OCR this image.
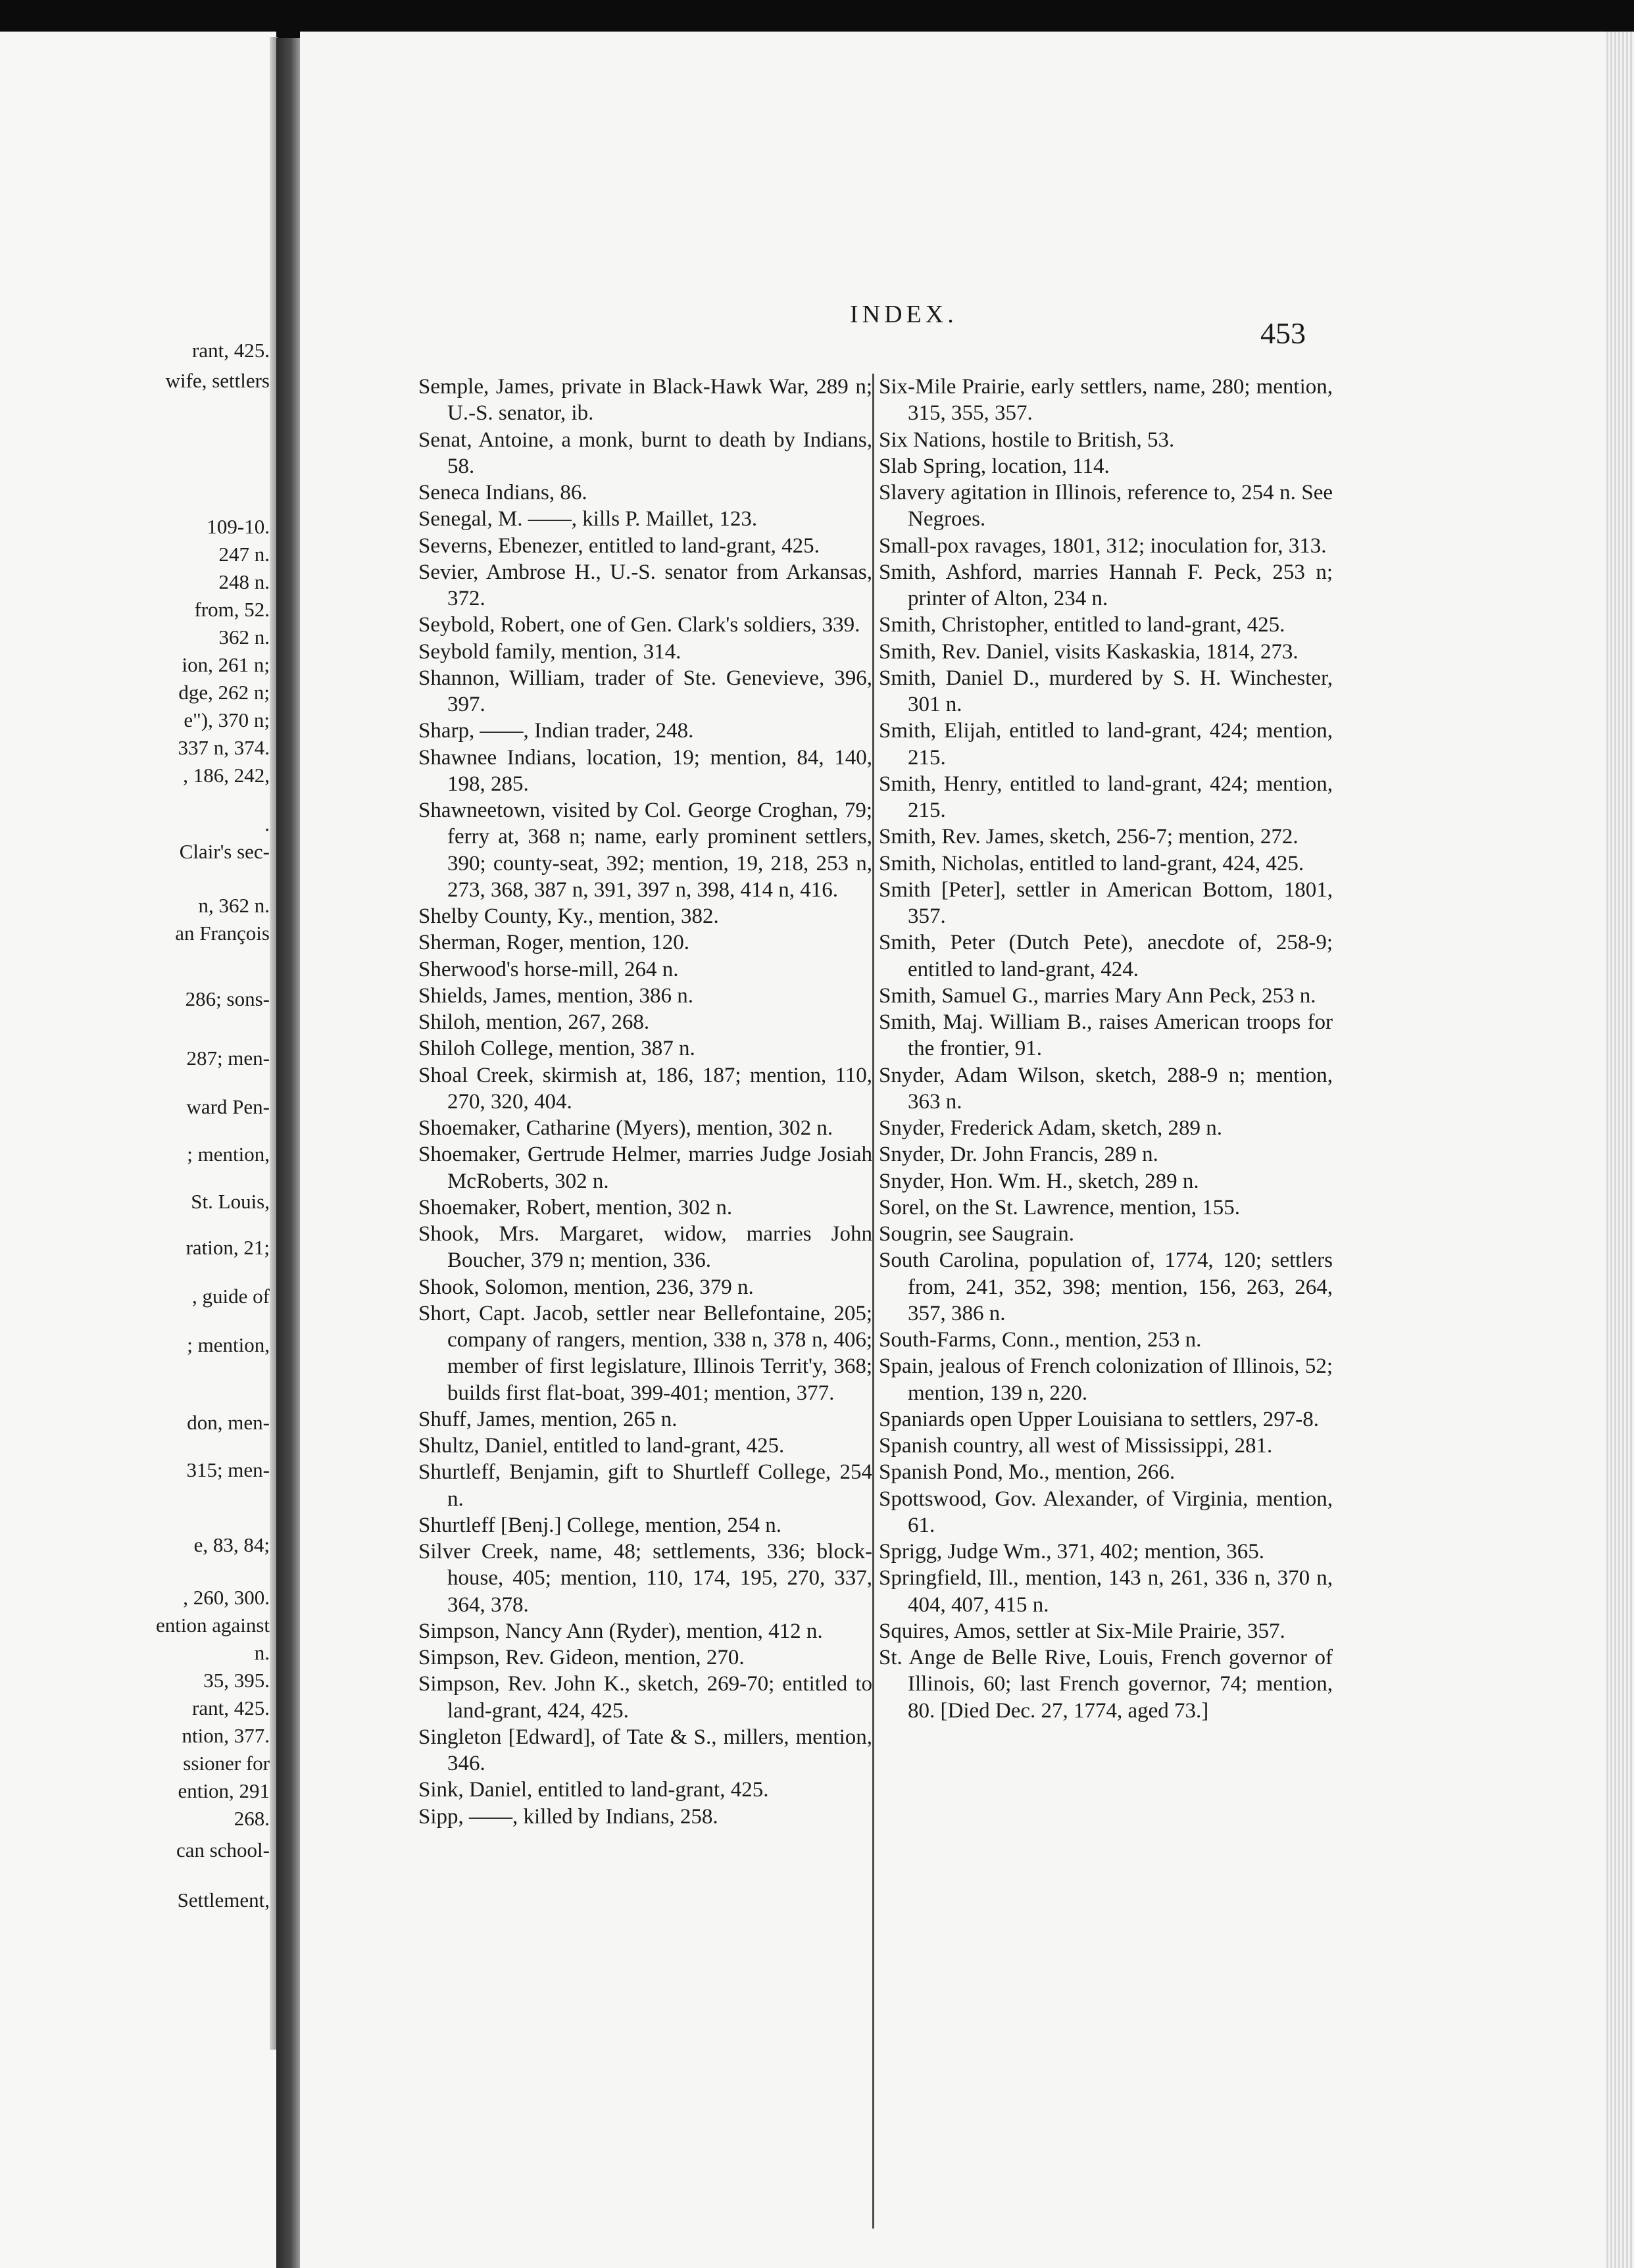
rant, 425.

wife, settlers

109-10.

247 n.

248 n.

from, 52.

362 n.

ion, 261 n;

dge, 262 n;

e"), 370 n;

337 n, 374.

, 186, 242,

.

Clair's sec-

n, 362 n.

an François

286; sons-

287; men-

ward Pen-

; mention,

St. Louis,

ration, 21;

, guide of

; mention,

don, men-

315; men-

e, 83, 84;

, 260, 300.

ention against

n.

35, 395.

rant, 425.

ntion, 377.

ssioner for

ention, 291

268.

can school-

Settlement,

INDEX.
453
Semple, James, private in Black-Hawk War, 289 n; U.-S. senator, ib.
Senat, Antoine, a monk, burnt to death by Indians, 58.
Seneca Indians, 86.
Senegal, M. ——, kills P. Maillet, 123.
Severns, Ebenezer, entitled to land-grant, 425.
Sevier, Ambrose H., U.-S. senator from Arkansas, 372.
Seybold, Robert, one of Gen. Clark's soldiers, 339.
Seybold family, mention, 314.
Shannon, William, trader of Ste. Genevieve, 396, 397.
Sharp, ——, Indian trader, 248.
Shawnee Indians, location, 19; mention, 84, 140, 198, 285.
Shawneetown, visited by Col. George Croghan, 79; ferry at, 368 n; name, early prominent settlers, 390; county-seat, 392; mention, 19, 218, 253 n, 273, 368, 387 n, 391, 397 n, 398, 414 n, 416.
Shelby County, Ky., mention, 382.
Sherman, Roger, mention, 120.
Sherwood's horse-mill, 264 n.
Shields, James, mention, 386 n.
Shiloh, mention, 267, 268.
Shiloh College, mention, 387 n.
Shoal Creek, skirmish at, 186, 187; mention, 110, 270, 320, 404.
Shoemaker, Catharine (Myers), mention, 302 n.
Shoemaker, Gertrude Helmer, marries Judge Josiah McRoberts, 302 n.
Shoemaker, Robert, mention, 302 n.
Shook, Mrs. Margaret, widow, marries John Boucher, 379 n; mention, 336.
Shook, Solomon, mention, 236, 379 n.
Short, Capt. Jacob, settler near Bellefontaine, 205; company of rangers, mention, 338 n, 378 n, 406; member of first legislature, Illinois Territ'y, 368; builds first flat-boat, 399-401; mention, 377.
Shuff, James, mention, 265 n.
Shultz, Daniel, entitled to land-grant, 425.
Shurtleff, Benjamin, gift to Shurtleff College, 254 n.
Shurtleff [Benj.] College, mention, 254 n.
Silver Creek, name, 48; settlements, 336; block-house, 405; mention, 110, 174, 195, 270, 337, 364, 378.
Simpson, Nancy Ann (Ryder), mention, 412 n.
Simpson, Rev. Gideon, mention, 270.
Simpson, Rev. John K., sketch, 269-70; entitled to land-grant, 424, 425.
Singleton [Edward], of Tate & S., millers, mention, 346.
Sink, Daniel, entitled to land-grant, 425.
Sipp, ——, killed by Indians, 258.
Six-Mile Prairie, early settlers, name, 280; mention, 315, 355, 357.
Six Nations, hostile to British, 53.
Slab Spring, location, 114.
Slavery agitation in Illinois, reference to, 254 n. See Negroes.
Small-pox ravages, 1801, 312; inoculation for, 313.
Smith, Ashford, marries Hannah F. Peck, 253 n; printer of Alton, 234 n.
Smith, Christopher, entitled to land-grant, 425.
Smith, Rev. Daniel, visits Kaskaskia, 1814, 273.
Smith, Daniel D., murdered by S. H. Winchester, 301 n.
Smith, Elijah, entitled to land-grant, 424; mention, 215.
Smith, Henry, entitled to land-grant, 424; mention, 215.
Smith, Rev. James, sketch, 256-7; mention, 272.
Smith, Nicholas, entitled to land-grant, 424, 425.
Smith [Peter], settler in American Bottom, 1801, 357.
Smith, Peter (Dutch Pete), anecdote of, 258-9; entitled to land-grant, 424.
Smith, Samuel G., marries Mary Ann Peck, 253 n.
Smith, Maj. William B., raises American troops for the frontier, 91.
Snyder, Adam Wilson, sketch, 288-9 n; mention, 363 n.
Snyder, Frederick Adam, sketch, 289 n.
Snyder, Dr. John Francis, 289 n.
Snyder, Hon. Wm. H., sketch, 289 n.
Sorel, on the St. Lawrence, mention, 155.
Sougrin, see Saugrain.
South Carolina, population of, 1774, 120; settlers from, 241, 352, 398; mention, 156, 263, 264, 357, 386 n.
South-Farms, Conn., mention, 253 n.
Spain, jealous of French colonization of Illinois, 52; mention, 139 n, 220.
Spaniards open Upper Louisiana to settlers, 297-8.
Spanish country, all west of Mississippi, 281.
Spanish Pond, Mo., mention, 266.
Spottswood, Gov. Alexander, of Virginia, mention, 61.
Sprigg, Judge Wm., 371, 402; mention, 365.
Springfield, Ill., mention, 143 n, 261, 336 n, 370 n, 404, 407, 415 n.
Squires, Amos, settler at Six-Mile Prairie, 357.
St. Ange de Belle Rive, Louis, French governor of Illinois, 60; last French governor, 74; mention, 80. [Died Dec. 27, 1774, aged 73.]
